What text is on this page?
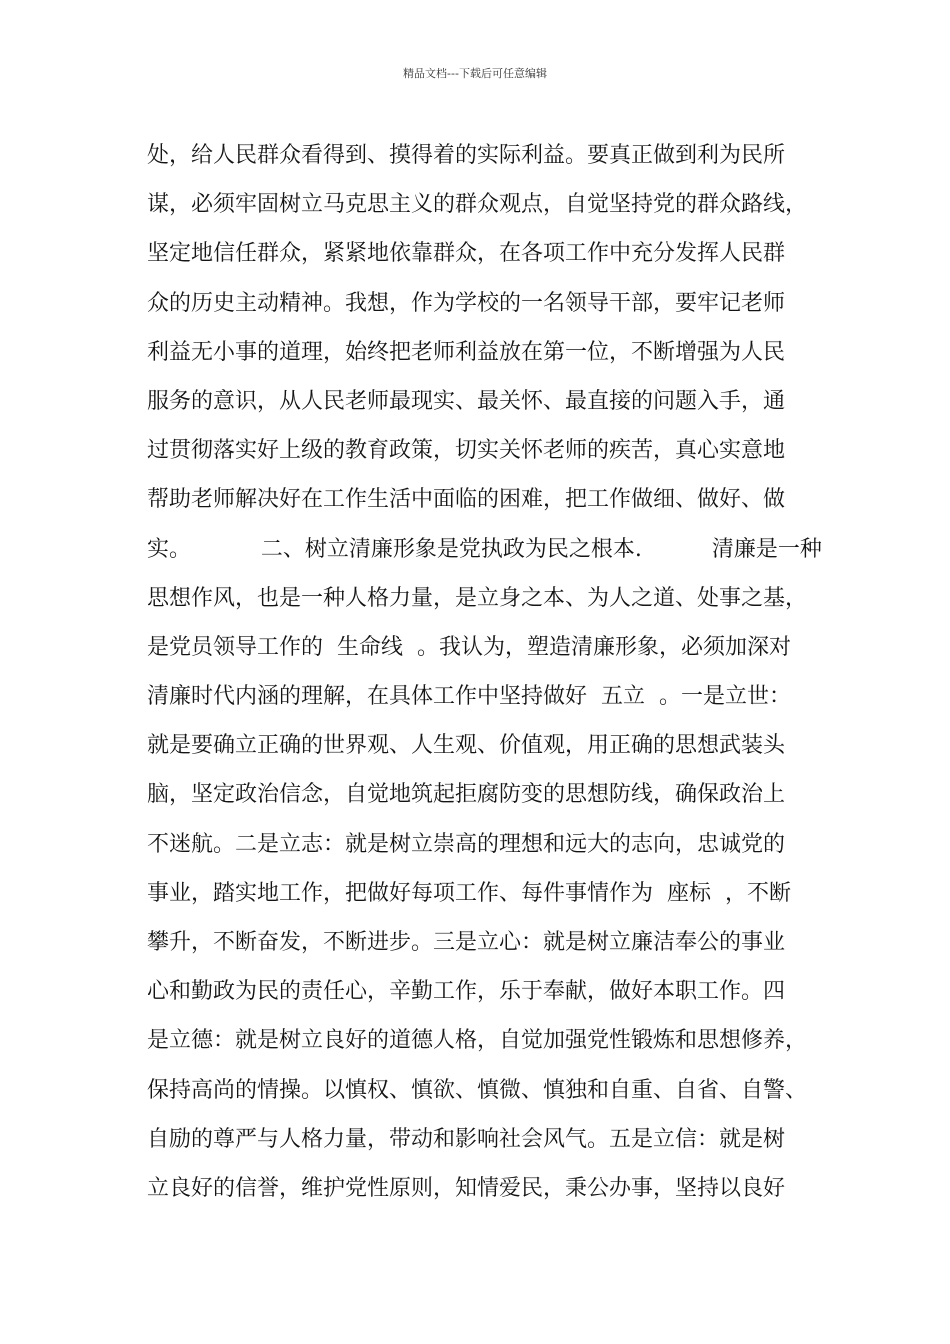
精品文档---下载后可任意编辑
处，给人民群众看得到、摸得着的实际利益。要真正做到利为民所
谋，必须牢固树立马克思主义的群众观点，自觉坚持党的群众路线，
坚定地信任群众，紧紧地依靠群众，在各项工作中充分发挥人民群
众的历史主动精神。我想，作为学校的一名领导干部，要牢记老师
利益无小事的道理，始终把老师利益放在第一位，不断增强为人民
服务的意识，从人民老师最现实、最关怀、最直接的问题入手，通
过贯彻落实好上级的教育政策，切实关怀老师的疾苦，真心实意地
帮助老师解决好在工作生活中面临的困难，把工作做细、做好、做
实。          二、树立清廉形象是党执政为民之根本.          清廉是一种
思想作风，也是一种人格力量，是立身之本、为人之道、处事之基，
是党员领导工作的  生命线  。我认为，塑造清廉形象，必须加深对
清廉时代内涵的理解，在具体工作中坚持做好  五立  。一是立世：
就是要确立正确的世界观、人生观、价值观，用正确的思想武装头
脑，坚定政治信念，自觉地筑起拒腐防变的思想防线，确保政治上
不迷航。二是立志：就是树立崇高的理想和远大的志向，忠诚党的
事业，踏实地工作，把做好每项工作、每件事情作为  座标  ，不断
攀升，不断奋发，不断进步。三是立心：就是树立廉洁奉公的事业
心和勤政为民的责任心，辛勤工作，乐于奉献，做好本职工作。四
是立德：就是树立良好的道德人格，自觉加强党性锻炼和思想修养，
保持高尚的情操。以慎权、慎欲、慎微、慎独和自重、自省、自警、
自励的尊严与人格力量，带动和影响社会风气。五是立信：就是树
立良好的信誉，维护党性原则，知情爱民，秉公办事，坚持以良好
